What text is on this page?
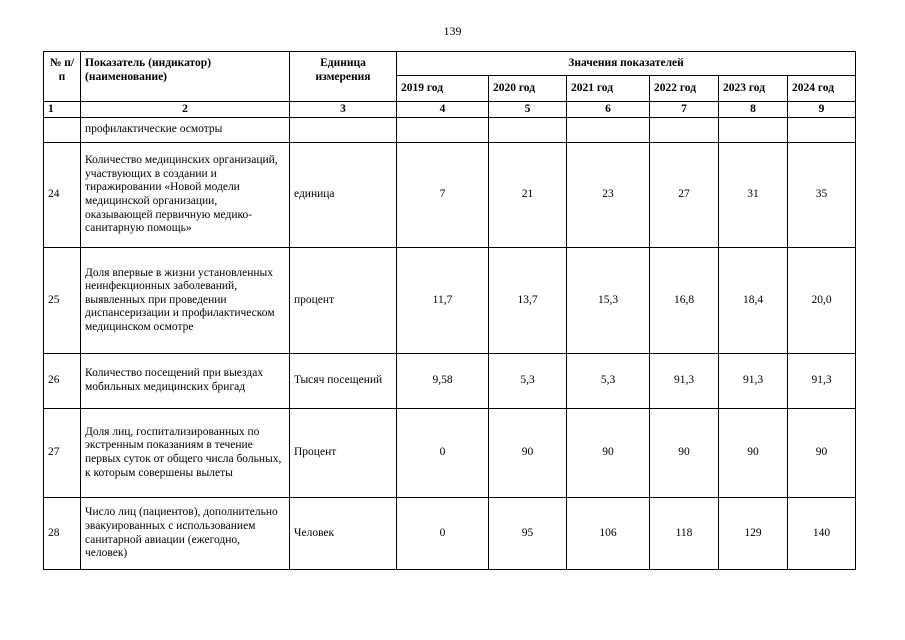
139
№ п/п	Показатель (индикатор) (наименование)	Единица измерения	Значения показателей					
			2019 год	2020 год	2021 год	2022 год	2023 год	2024 год
1	2	3	4	5	6	7	8	9
	профилактические осмотры							
24	Количество медицинских организаций, участвующих в создании и тиражировании «Новой модели медицинской организации, оказывающей первичную медико-санитарную помощь»	единица	7	21	23	27	31	35
25	Доля впервые в жизни установленных неинфекционных заболеваний, выявленных при проведении диспансеризации и профилактическом медицинском осмотре	процент	11,7	13,7	15,3	16,8	18,4	20,0
26	Количество посещений при выездах мобильных медицинских бригад	Тысяч посещений	9,58	5,3	5,3	91,3	91,3	91,3
27	Доля лиц, госпитализированных по экстренным показаниям в течение первых суток от общего числа больных, к которым совершены вылеты	Процент	0	90	90	90	90	90
28	Число лиц (пациентов), дополнительно эвакуированных с использованием санитарной авиации (ежегодно, человек)	Человек	0	95	106	118	129	140
